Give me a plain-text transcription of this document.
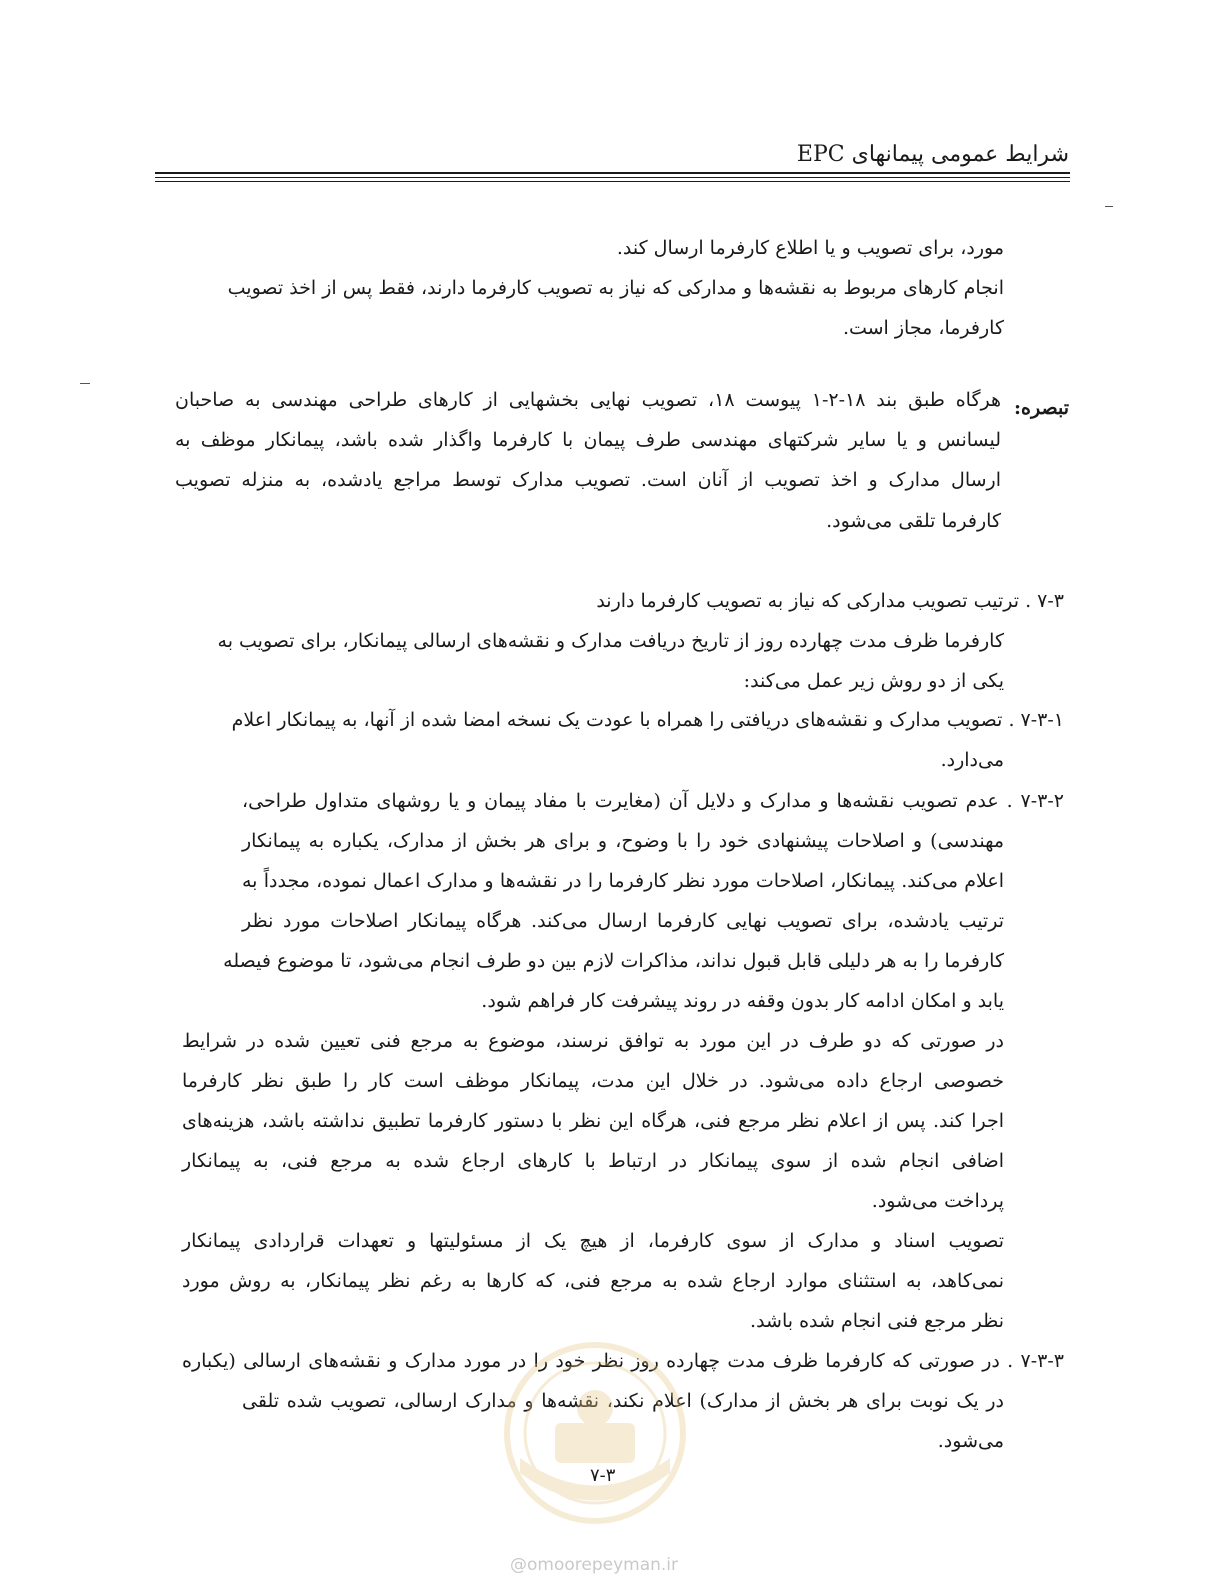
شرایط عمومی پیمانهای EPC
مورد، برای تصویب و یا اطلاع کارفرما ارسال کند.
انجام کارهای مربوط به نقشه‌ها و مدارکی که نیاز به تصویب کارفرما دارند، فقط پس از اخذ تصویب
کارفرما، مجاز است.
تبصره:
هرگاه طبق بند ۱۸-۲-۱ پیوست ۱۸، تصویب نهایی بخشهایی از کارهای طراحی مهندسی به صاحبان
لیسانس و یا سایر شرکتهای مهندسی طرف پیمان با کارفرما واگذار شده باشد، پیمانکار موظف به
ارسال مدارک و اخذ تصویب از آنان است. تصویب مدارک توسط مراجع یادشده، به منزله تصویب
کارفرما تلقی می‌شود.
۷-۳ . ترتیب تصویب مدارکی که نیاز به تصویب کارفرما دارند
کارفرما ظرف مدت چهارده روز از تاریخ دریافت مدارک و نقشه‌های ارسالی پیمانکار، برای تصویب به
یکی از دو روش زیر عمل می‌کند:
۷-۳-۱ . تصویب مدارک و نقشه‌های دریافتی را همراه با عودت یک نسخه امضا شده از آنها، به پیمانکار اعلام
می‌دارد.
۷-۳-۲ . عدم تصویب نقشه‌ها و مدارک و دلایل آن (مغایرت با مفاد پیمان و یا روشهای متداول طراحی،
مهندسی) و اصلاحات پیشنهادی خود را با وضوح، و برای هر بخش از مدارک، یکباره به پیمانکار
اعلام می‌کند. پیمانکار، اصلاحات مورد نظر کارفرما را در نقشه‌ها و مدارک اعمال نموده، مجدداً به
ترتیب یادشده، برای تصویب نهایی کارفرما ارسال می‌کند. هرگاه پیمانکار اصلاحات مورد نظر
کارفرما را به هر دلیلی قابل قبول نداند، مذاکرات لازم بین دو طرف انجام می‌شود، تا موضوع فیصله
یابد و امکان ادامه کار بدون وقفه در روند پیشرفت کار فراهم شود.
در صورتی که دو طرف در این مورد به توافق نرسند، موضوع به مرجع فنی تعیین شده در شرایط
خصوصی ارجاع داده می‌شود. در خلال این مدت، پیمانکار موظف است کار را طبق نظر کارفرما
اجرا کند. پس از اعلام نظر مرجع فنی، هرگاه این نظر با دستور کارفرما تطبیق نداشته باشد، هزینه‌های
اضافی انجام شده از سوی پیمانکار در ارتباط با کارهای ارجاع شده به مرجع فنی، به پیمانکار
پرداخت می‌شود.
تصویب اسناد و مدارک از سوی کارفرما، از هیچ یک از مسئولیتها و تعهدات قراردادی پیمانکار
نمی‌کاهد، به استثنای موارد ارجاع شده به مرجع فنی، که کارها به رغم نظر پیمانکار، به روش مورد
نظر مرجع فنی انجام شده باشد.
۷-۳-۳ . در صورتی که کارفرما ظرف مدت چهارده روز نظر خود را در مورد مدارک و نقشه‌های ارسالی (یکباره
در یک نوبت برای هر بخش از مدارک) اعلام نکند، نقشه‌ها و مدارک ارسالی، تصویب شده تلقی
می‌شود.
۷-۳
@omoorepeyman.ir
